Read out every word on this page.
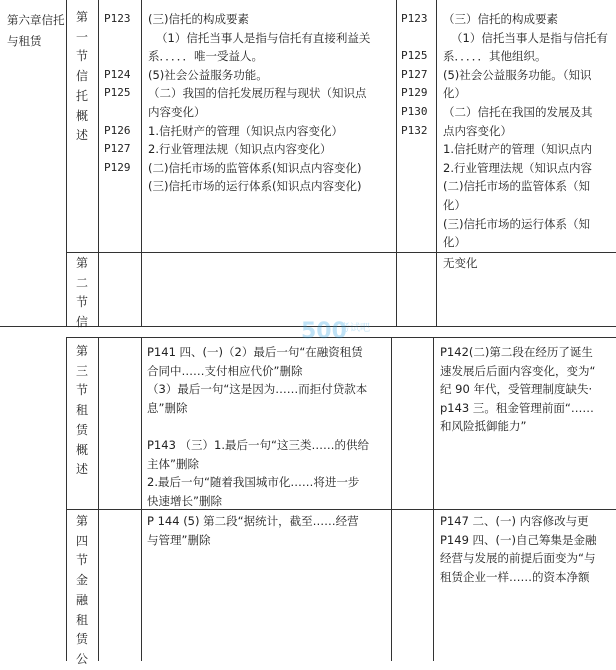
第六章信托与租赁
第一节信托概述
第二节信
第三节租赁概述
第四节金融租赁公
P123
P124
P125
P126
P127
P129
(三)信托的构成要素
（1）信托当事人是指与信托有直接利益关
系．．．．．唯一受益人。
(5)社会公益服务功能。
（二）我国的信托发展历程与现状（知识点
内容变化）
1.信托财产的管理（知识点内容变化）
2.行业管理法规（知识点内容变化）
(二)信托市场的监管体系(知识点内容变化)
(三)信托市场的运行体系(知识点内容变化)
P123
P125
P127
P129
P130
P132
（三）信托的构成要素
（1）信托当事人是指与信托有
系．．．．．其他组织。
(5)社会公益服务功能。（知识
化）
（二）信托在我国的发展及其
点内容变化）
1.信托财产的管理（知识点内
2.行业管理法规（知识点内容
(二)信托市场的监管体系（知
化）
(三)信托市场的运行体系（知
化）
无变化
P141 四、(一)（2）最后一句“在融资租赁
合同中……支付相应代价”删除
（3）最后一句“这是因为……而拒付贷款本
息”删除
P143 （三）1.最后一句“这三类……的供给
主体”删除
2.最后一句“随着我国城市化……将进一步
快速增长”删除
P142(二)第二段在经历了诞生
速发展后后面内容变化，变为“
纪 90 年代，受管理制度缺失·
p143 三。租金管理前面“……
和风险抵御能力”
P 144 (5) 第二段“据统计，截至……经营
与管理”删除
P147 二、(一) 内容修改与更
P149 四、(一)自己筹集是金融
经营与发展的前提后面变为“与
租赁企业一样……的资本净额
500
考试吧
